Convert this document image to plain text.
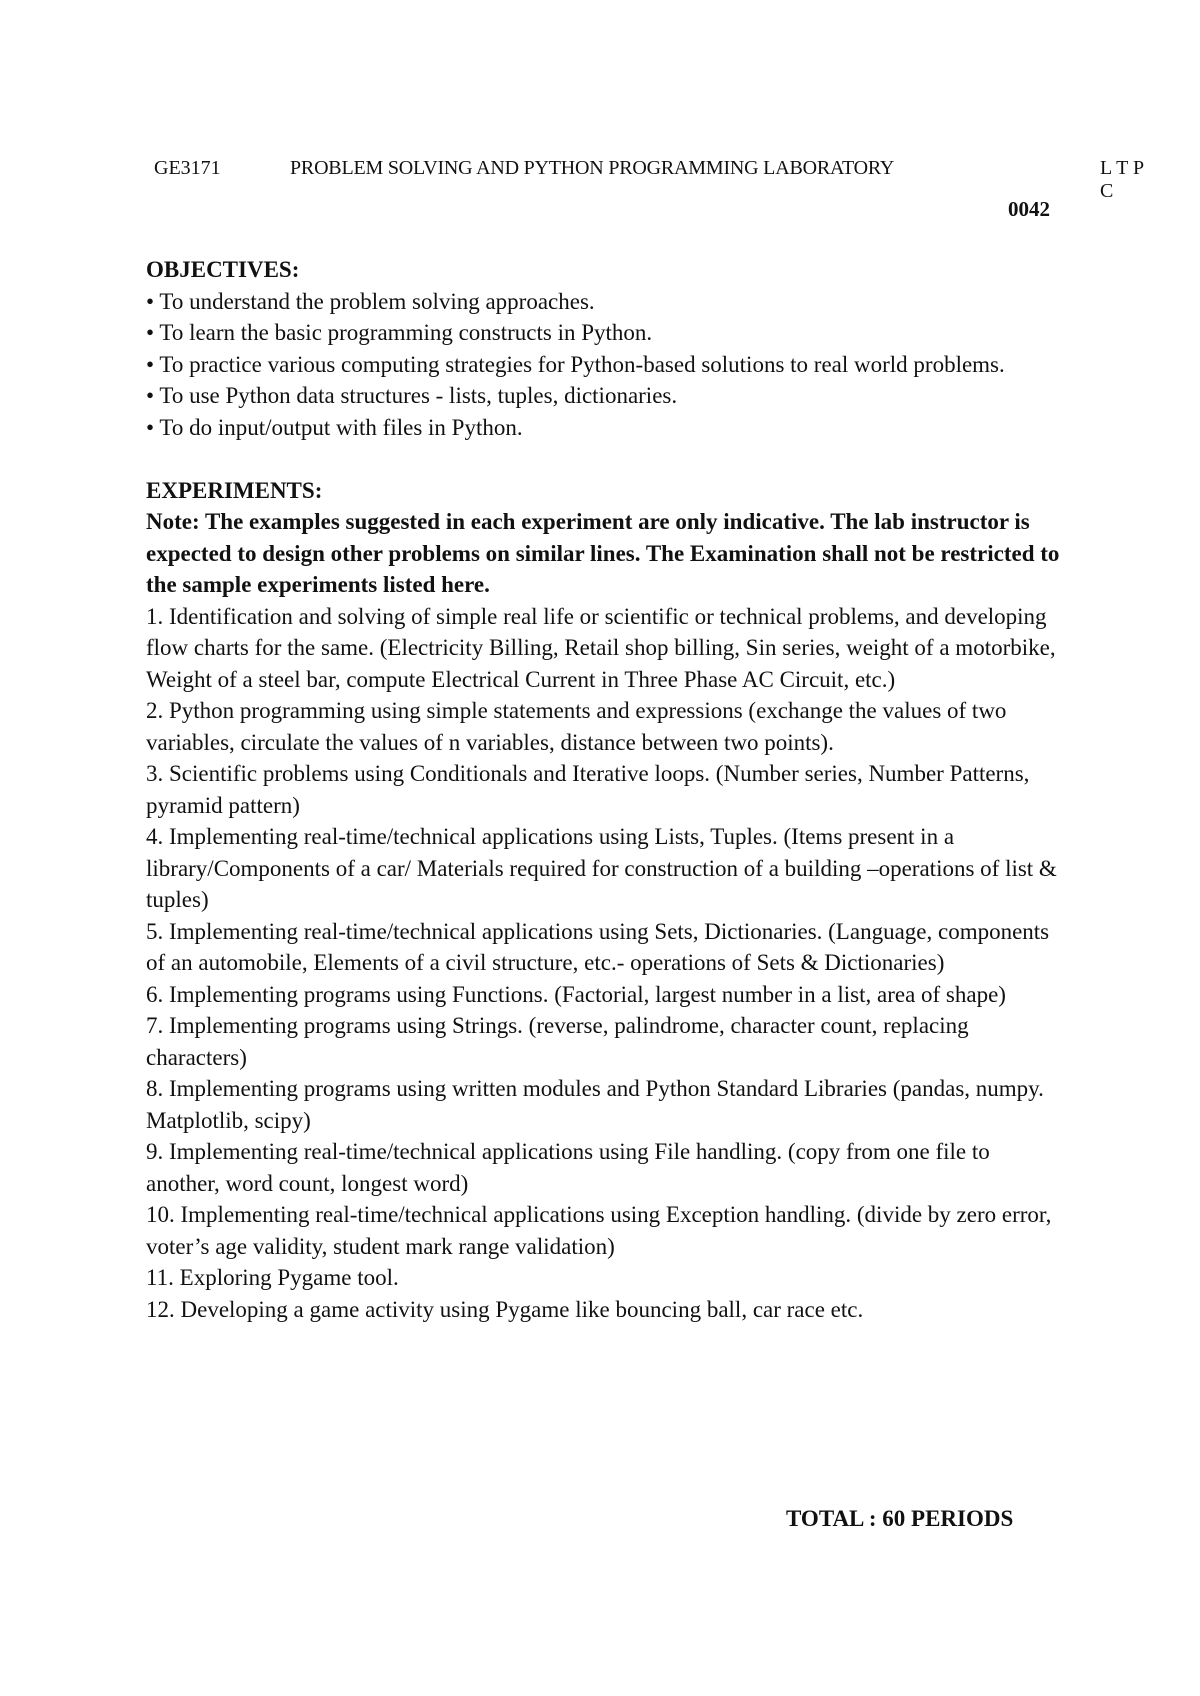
GE3171	PROBLEM SOLVING AND PYTHON PROGRAMMING LABORATORY	L T P C
0042
OBJECTIVES:
• To understand the problem solving approaches.
• To learn the basic programming constructs in Python.
• To practice various computing strategies for Python-based solutions to real world problems.
• To use Python data structures - lists, tuples, dictionaries.
• To do input/output with files in Python.
EXPERIMENTS:
Note: The examples suggested in each experiment are only indicative. The lab instructor is expected to design other problems on similar lines. The Examination shall not be restricted to the sample experiments listed here.
1. Identification and solving of simple real life or scientific or technical problems, and developing flow charts for the same. (Electricity Billing, Retail shop billing, Sin series, weight of a motorbike, Weight of a steel bar, compute Electrical Current in Three Phase AC Circuit, etc.)
2. Python programming using simple statements and expressions (exchange the values of two variables, circulate the values of n variables, distance between two points).
3. Scientific problems using Conditionals and Iterative loops. (Number series, Number Patterns, pyramid pattern)
4. Implementing real-time/technical applications using Lists, Tuples. (Items present in a library/Components of a car/ Materials required for construction of a building –operations of list & tuples)
5. Implementing real-time/technical applications using Sets, Dictionaries. (Language, components of an automobile, Elements of a civil structure, etc.- operations of Sets & Dictionaries)
6. Implementing programs using Functions. (Factorial, largest number in a list, area of shape)
7. Implementing programs using Strings. (reverse, palindrome, character count, replacing characters)
8. Implementing programs using written modules and Python Standard Libraries (pandas, numpy. Matplotlib, scipy)
9. Implementing real-time/technical applications using File handling. (copy from one file to another, word count, longest word)
10. Implementing real-time/technical applications using Exception handling. (divide by zero error, voter’s age validity, student mark range validation)
11. Exploring Pygame tool.
12. Developing a game activity using Pygame like bouncing ball, car race etc.
TOTAL : 60 PERIODS
